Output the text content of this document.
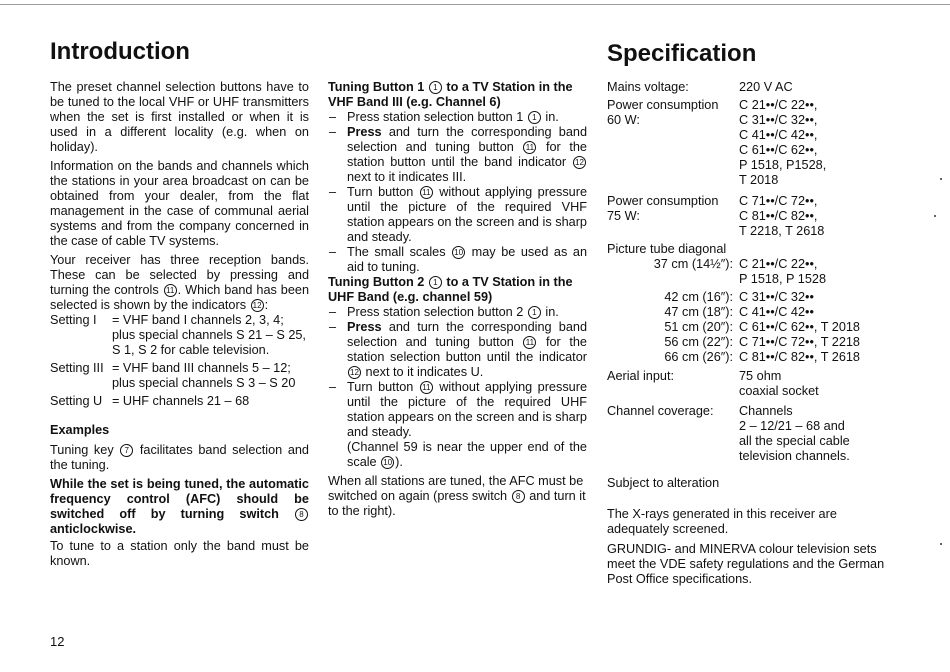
Introduction	Specification

The preset channel selection buttons have to be tuned to the local VHF or UHF transmitters when the set is first installed or when it is used in a different locality (e.g. when on holiday).

Information on the bands and channels which the stations in your area broadcast on can be obtained from your dealer, from the flat management in the case of communal aerial systems and from the company concerned in the case of cable TV systems.

Your receiver has three reception bands. These can be selected by pressing and turning the controls 11 . Which band has been selected is shown by the indicators 12 :

Setting I	= VHF band I channels 2, 3, 4; plus special channels S 21 – S 25, S 1, S 2 for cable television.
Setting III = VHF band III channels 5 – 12; plus special channels S 3 – S 20
Setting U = UHF channels 21 – 68

Examples

Tuning key 7 facilitates band selection and the tuning.

While the set is being tuned, the automatic frequency control (AFC) should be switched off by turning switch	8 anticlockwise.

To tune to a station only the band must be known.

Tuning Button 1 1 to a TV Station in the VHF Band III (e.g. Channel 6)

– Press station selection button 1 1 in.
– Press and turn the corresponding band selection and tuning button 11 for the station button until the band indicator 12 next to it indicates III.
– Turn button 11 without applying pressure until the picture of the required VHF station appears on the screen and is sharp and steady.
– The small scales 10 may be used as an aid to tuning.

Tuning Button 2 1 to a TV Station in the UHF Band (e.g. channel 59)

– Press station selection button 2 1 in.
– Press and turn the corresponding band selection and tuning button 11 for the station selection button until the indicator 12 next to it indicates U.
– Turn button 11 without applying pressure until the picture of the required UHF station appears on the screen and is sharp and steady.
(Channel 59 is near the upper end of the scale 10 ).

When all stations are tuned, the AFC must be switched on again (press switch 8 and turn it to the right).

Mains voltage:	220 V AC
Power consumption 60 W:
C 21••/C 22••,
C 31••/C 32••,
C 41••/C 42••,
C 61••/C 62••,
P 1518, P1528,
T 2018
Power consumption 75 W:
C 71••/C 72••,
C 81••/C 82••,
T 2218, T 2618
Picture tube diagonal
37 cm (14½″): C 21••/C 22••,
P 1518, P 1528
42 cm (16″): C 31••/C 32••
47 cm (18″): C 41••/C 42••
51 cm (20″): C 61••/C 62••, T 2018
56 cm (22″): C 71••/C 72••, T 2218
66 cm (26″): C 81••/C 82••, T 2618
Aerial input:	75 ohm
coaxial socket
Channel coverage:	Channels
2 – 12/21 – 68 and
all the special cable
television channels.
Subject to alteration
The X-rays generated in this receiver are adequately screened.
GRUNDIG- and MINERVA colour television sets meet the VDE safety regulations and the German Post Office specifications.
12
